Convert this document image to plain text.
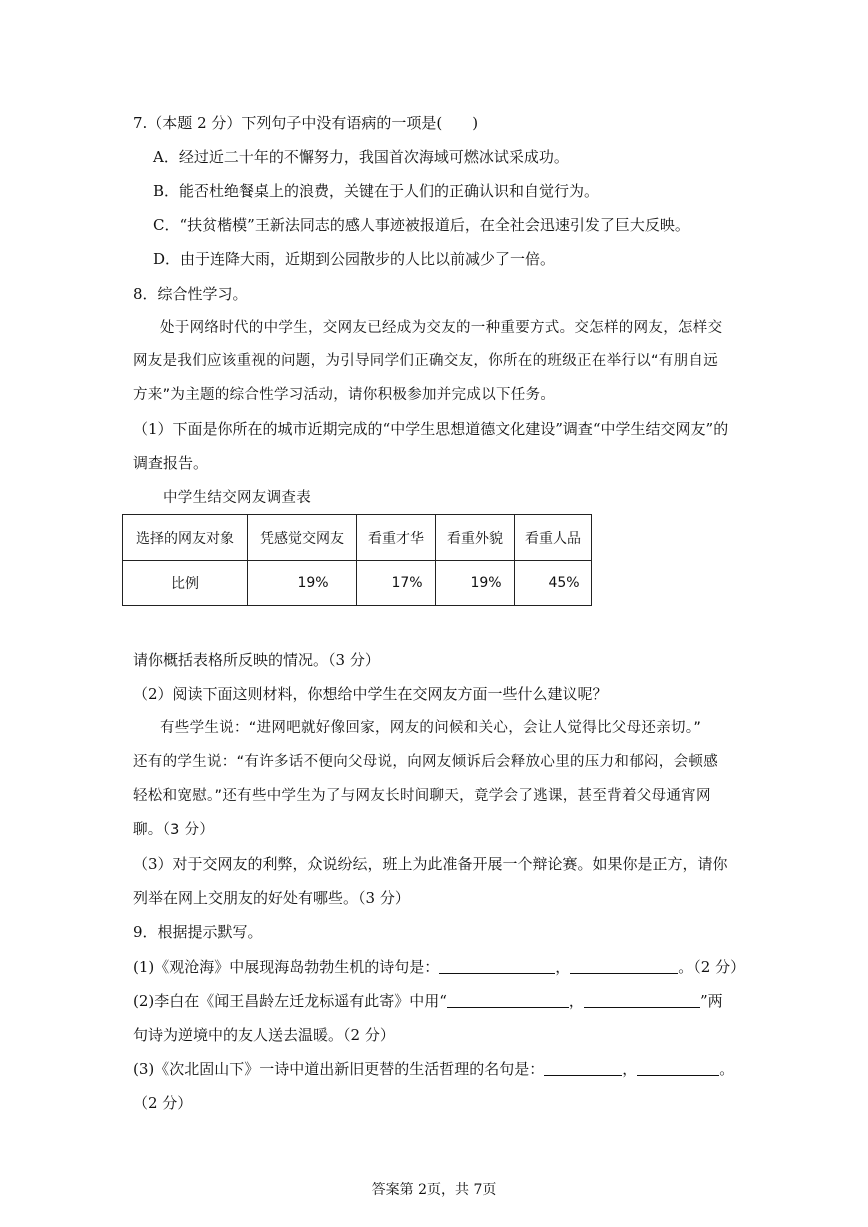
7.（本题 2 分）下列句子中没有语病的一项是(　　)
A．经过近二十年的不懈努力，我国首次海域可燃冰试采成功。
B．能否杜绝餐桌上的浪费，关键在于人们的正确认识和自觉行为。
C．“扶贫楷模”王新法同志的感人事迹被报道后，在全社会迅速引发了巨大反映。
D．由于连降大雨，近期到公园散步的人比以前减少了一倍。
8．综合性学习。
处于网络时代的中学生，交网友已经成为交友的一种重要方式。交怎样的网友，怎样交
网友是我们应该重视的问题，为引导同学们正确交友，你所在的班级正在举行以“有朋自远
方来”为主题的综合性学习活动，请你积极参加并完成以下任务。
（1）下面是你所在的城市近期完成的“中学生思想道德文化建设”调查“中学生结交网友”的
调查报告。
中学生结交网友调查表
选择的网友对象	凭感觉交网友	看重才华	看重外貌	看重人品
比例	19%	17%	19%	45%
请你概括表格所反映的情况。（3 分）
（2）阅读下面这则材料，你想给中学生在交网友方面一些什么建议呢？
有些学生说：“进网吧就好像回家，网友的问候和关心，会让人觉得比父母还亲切。”
还有的学生说：“有许多话不便向父母说，向网友倾诉后会释放心里的压力和郁闷，会顿感
轻松和宽慰。”还有些中学生为了与网友长时间聊天，竟学会了逃课，甚至背着父母通宵网
聊。（3 分）
（3）对于交网友的利弊，众说纷纭，班上为此准备开展一个辩论赛。如果你是正方，请你
列举在网上交朋友的好处有哪些。（3 分）
9．根据提示默写。
(1)《观沧海》中展现海岛勃勃生机的诗句是：	，	。（2 分）
(2)李白在《闻王昌龄左迁龙标遥有此寄》中用“	，	”两
句诗为逆境中的友人送去温暖。（2 分）
(3)《次北固山下》一诗中道出新旧更替的生活哲理的名句是：	，	。
（2 分）
答案第 2页，共 7页
